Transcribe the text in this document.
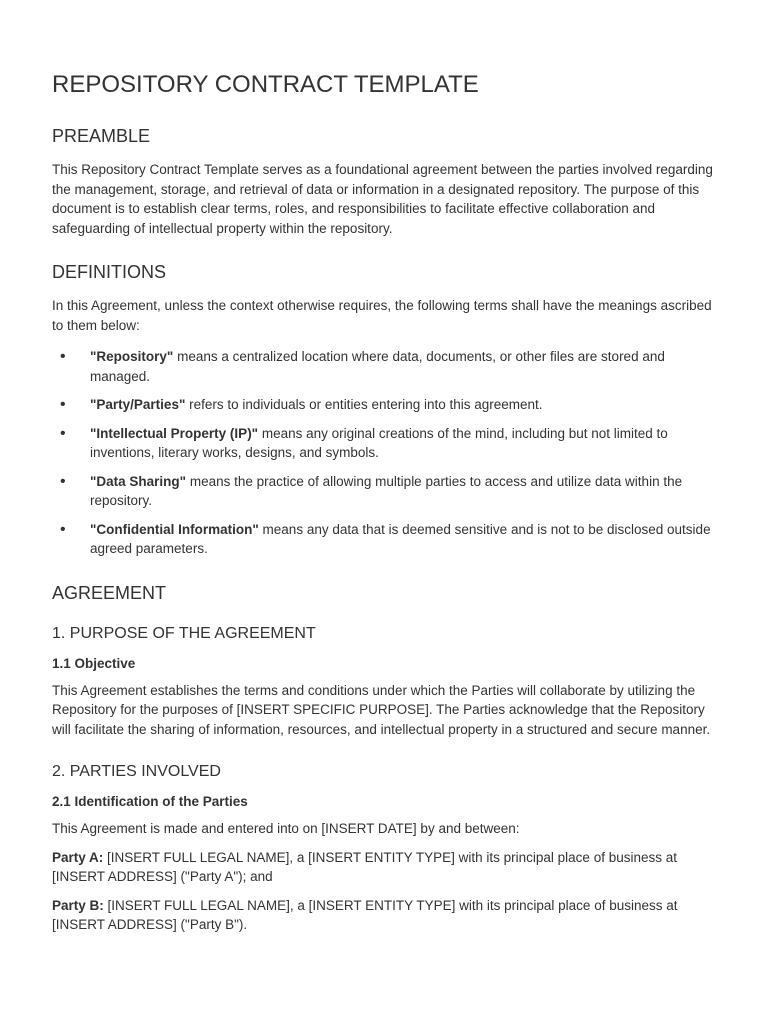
REPOSITORY CONTRACT TEMPLATE
PREAMBLE

This Repository Contract Template serves as a foundational agreement between the parties involved regarding the management, storage, and retrieval of data or information in a designated repository. The purpose of this document is to establish clear terms, roles, and responsibilities to facilitate effective collaboration and safeguarding of intellectual property within the repository.

DEFINITIONS

In this Agreement, unless the context otherwise requires, the following terms shall have the meanings ascribed to them below:

• "Repository" means a centralized location where data, documents, or other files are stored and managed.
• "Party/Parties" refers to individuals or entities entering into this agreement.
• "Intellectual Property (IP)" means any original creations of the mind, including but not limited to inventions, literary works, designs, and symbols.
• "Data Sharing" means the practice of allowing multiple parties to access and utilize data within the repository.
• "Confidential Information" means any data that is deemed sensitive and is not to be disclosed outside agreed parameters.
AGREEMENT
1. PURPOSE OF THE AGREEMENT
1.1 Objective

This Agreement establishes the terms and conditions under which the Parties will collaborate by utilizing the Repository for the purposes of [INSERT SPECIFIC PURPOSE]. The Parties acknowledge that the Repository will facilitate the sharing of information, resources, and intellectual property in a structured and secure manner.

2. PARTIES INVOLVED
2.1 Identification of the Parties

This Agreement is made and entered into on [INSERT DATE] by and between:

Party A: [INSERT FULL LEGAL NAME], a [INSERT ENTITY TYPE] with its principal place of business at [INSERT ADDRESS] ("Party A"); and

Party B: [INSERT FULL LEGAL NAME], a [INSERT ENTITY TYPE] with its principal place of business at [INSERT ADDRESS] ("Party B").
